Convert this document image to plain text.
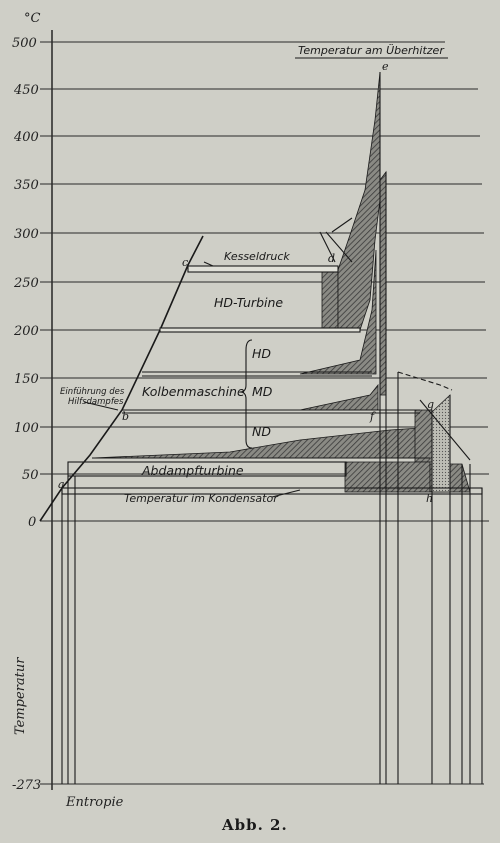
°C
500
450
400
350
300
250
200
150
100
50
0
-273
Temperatur am Überhitzer
Kesseldruck
HD-Turbine
Kolbenmaschine
HD
MD
ND
Einführung des
Hilfsdampfes
Abdampfturbine
Temperatur im Kondensator
a
b
c	d
e
f
g
h
Temperatur
Entropie
Abb. 2.
